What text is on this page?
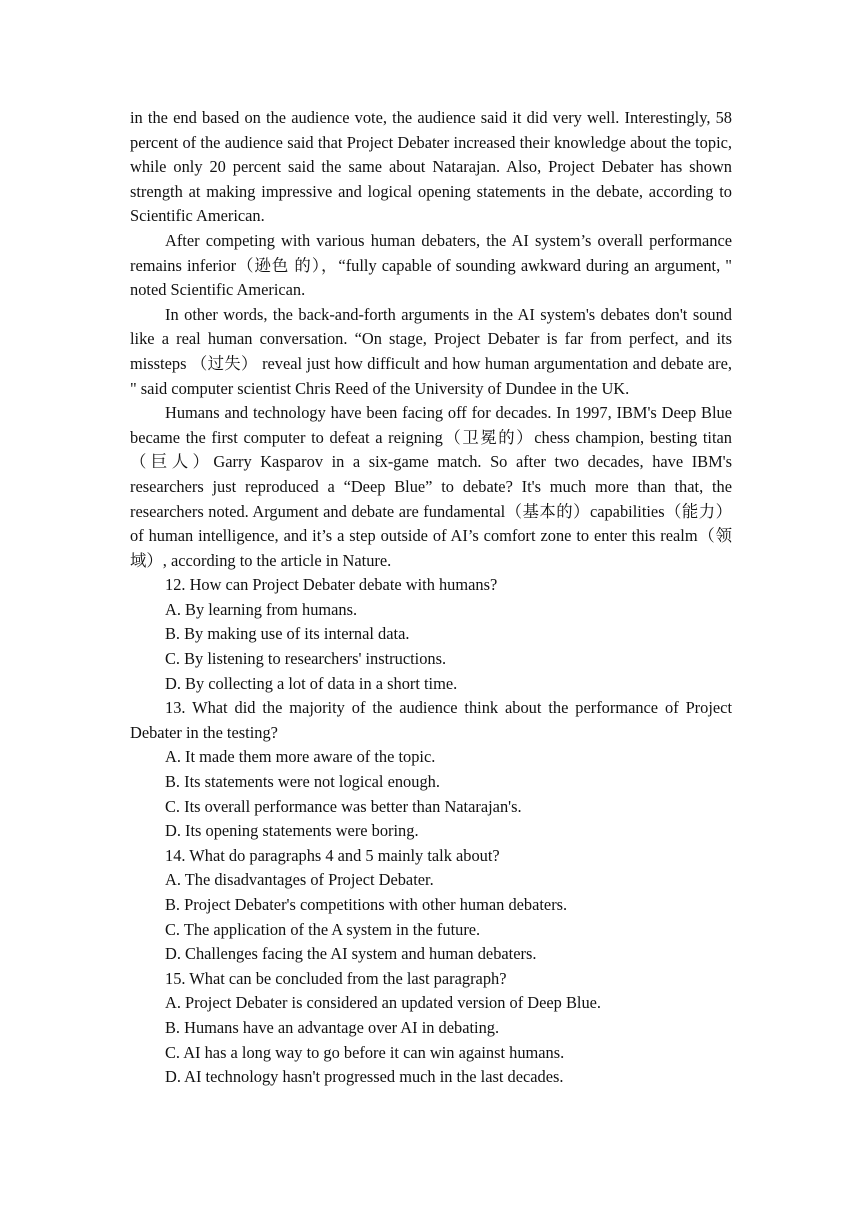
in the end based on the audience vote, the audience said it did very well. Interestingly, 58 percent of the audience said that Project Debater increased their knowledge about the topic, while only 20 percent said the same about Natarajan. Also, Project Debater has shown strength at making impressive and logical opening statements in the debate, according to Scientific American.

After competing with various human debaters, the AI system’s overall performance remains inferior（逊色 的），“fully capable of sounding awkward during an argument, " noted Scientific American.

In other words, the back-and-forth arguments in the AI system's debates don't sound like a real human conversation. “On stage, Project Debater is far from perfect, and its missteps （过失） reveal just how difficult and how human argumentation and debate are, " said computer scientist Chris Reed of the University of Dundee in the UK.

Humans and technology have been facing off for decades. In 1997, IBM's Deep Blue became the first computer to defeat a reigning（卫冕的）chess champion, besting titan （巨人）Garry Kasparov in a six-game match. So after two decades, have IBM's researchers just reproduced a “Deep Blue” to debate? It's much more than that, the researchers noted. Argument and debate are fundamental（基本的）capabilities（能力） of human intelligence, and it’s a step outside of AI’s comfort zone to enter this realm（领域）, according to the article in Nature.

12. How can Project Debater debate with humans?

A. By learning from humans.

B. By making use of its internal data.

C. By listening to researchers' instructions.

D. By collecting a lot of data in a short time.

13. What did the majority of the audience think about the performance of Project Debater in the testing?

A. It made them more aware of the topic.

B. Its statements were not logical enough.

C. Its overall performance was better than Natarajan's.

D. Its opening statements were boring.

14. What do paragraphs 4 and 5 mainly talk about?

A. The disadvantages of Project Debater.

B. Project Debater's competitions with other human debaters.

C. The application of the A system in the future.

D. Challenges facing the AI system and human debaters.

15. What can be concluded from the last paragraph?

A. Project Debater is considered an updated version of Deep Blue.

B. Humans have an advantage over AI in debating.

C. AI has a long way to go before it can win against humans.

D. AI technology hasn't progressed much in the last decades.
